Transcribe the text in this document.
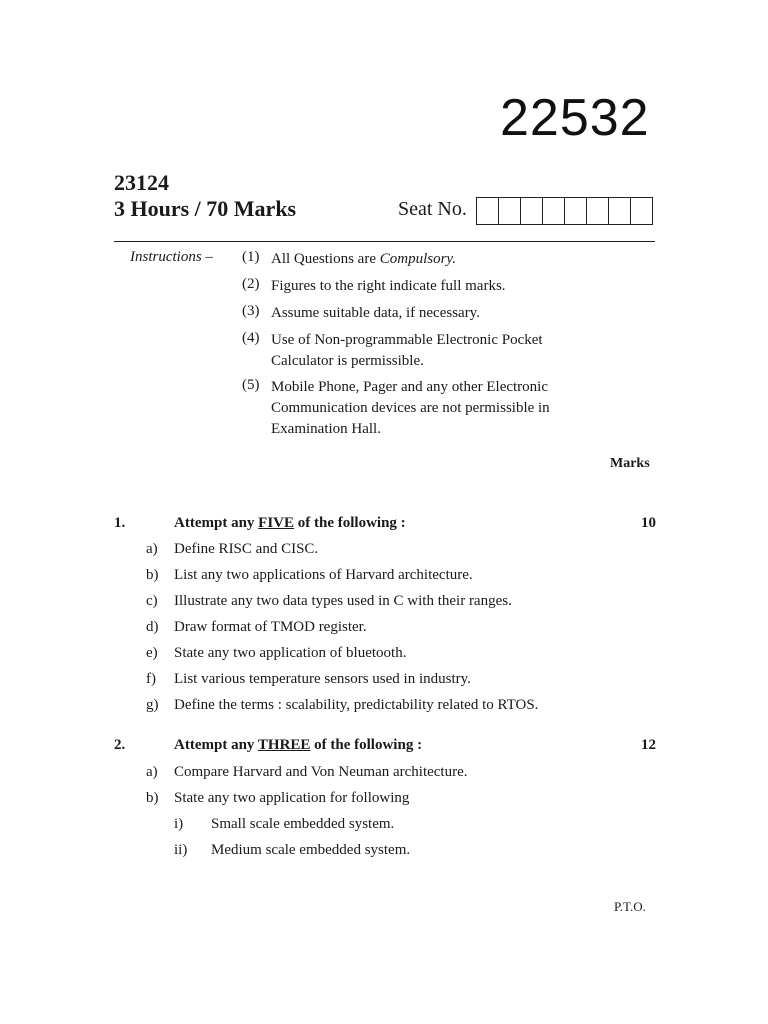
22532
23124
3 Hours / 70 Marks	Seat No.
Instructions – (1) All Questions are Compulsory.
(2) Figures to the right indicate full marks.
(3) Assume suitable data, if necessary.
(4) Use of Non-programmable Electronic Pocket
Calculator is permissible.
(5) Mobile Phone, Pager and any other Electronic
Communication devices are not permissible in
Examination Hall.
Marks
1.	Attempt any FIVE of the following :	10
a) Define RISC and CISC.
b) List any two applications of Harvard architecture.
c) Illustrate any two data types used in C with their ranges.
d) Draw format of TMOD register.
e) State any two application of bluetooth.
f) List various temperature sensors used in industry.
g) Define the terms : scalability, predictability related to RTOS.
2.	Attempt any THREE of the following :	12
a) Compare Harvard and Von Neuman architecture.
b) State any two application for following
i) Small scale embedded system.
ii) Medium scale embedded system.
P.T.O.
